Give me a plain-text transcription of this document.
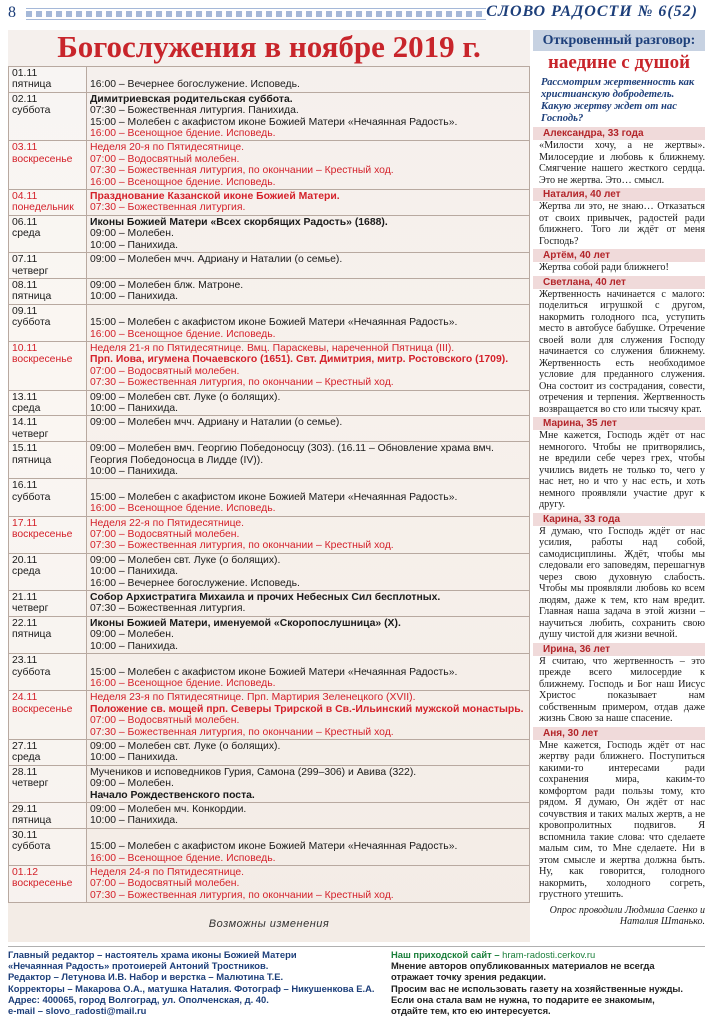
8	СЛОВО РАДОСТИ № 6(52)
Богослужения в ноябре 2019 г.
01.11
пятница	16:00 – Вечернее богослужение. Исповедь.

02.11
суббота	Димитриевская родительская суббота.
07:30 – Божественная литургия. Панихида.
15:00 – Молебен с акафистом иконе Божией Матери «Нечаянная Радость».
16:00 – Всенощное бдение. Исповедь.

03.11
воскресенье	Неделя 20-я по Пятидесятнице.
07:00 – Водосвятный молебен.
07:30 – Божественная литургия, по окончании – Крестный ход.
16:00 – Всенощное бдение. Исповедь.

04.11
понедельник	Празднование Казанской иконе Божией Матери.
07:30 – Божественная литургия.

06.11
среда	Иконы Божией Матери «Всех скорбящих Радость» (1688).
09:00 – Молебен.
10:00 – Панихида.

07.11
четверг	09:00 – Молебен мчч. Адриану и Наталии (о семье).

08.11
пятница	09:00 – Молебен блж. Матроне.
10:00 – Панихида.

09.11
суббота	15:00 – Молебен с акафистом иконе Божией Матери «Нечаянная Радость».
16:00 – Всенощное бдение. Исповедь.

10.11
воскресенье	Неделя 21-я по Пятидесятнице. Вмц. Параскевы, нареченной Пятница (III).
Прп. Иова, игумена Почаевского (1651). Свт. Димитрия, митр. Ростовского (1709).
07:00 – Водосвятный молебен.
07:30 – Божественная литургия, по окончании – Крестный ход.

13.11
среда	09:00 – Молебен свт. Луке (о болящих).
10:00 – Панихида.

14.11
четверг	09:00 – Молебен мчч. Адриану и Наталии (о семье).

15.11
пятница	09:00 – Молебен вмч. Георгию Победоносцу (303). (16.11 – Обновление храма вмч. Георгия Победоносца в Лидде (IV)).
10:00 – Панихида.

16.11
суббота	15:00 – Молебен с акафистом иконе Божией Матери «Нечаянная Радость».
16:00 – Всенощное бдение. Исповедь.

17.11
воскресенье	Неделя 22-я по Пятидесятнице.
07:00 – Водосвятный молебен.
07:30 – Божественная литургия, по окончании – Крестный ход.

20.11
среда	09:00 – Молебен свт. Луке (о болящих).
10:00 – Панихида.
16:00 – Вечернее богослужение. Исповедь.

21.11
четверг	Собор Архистратига Михаила и прочих Небесных Сил бесплотных.
07:30 – Божественная литургия.

22.11
пятница	Иконы Божией Матери, именуемой «Скоропослушница» (X).
09:00 – Молебен.
10:00 – Панихида.

23.11
суббота	15:00 – Молебен с акафистом иконе Божией Матери «Нечаянная Радость».
16:00 – Всенощное бдение. Исповедь.

24.11
воскресенье	Неделя 23-я по Пятидесятнице. Прп. Мартирия Зеленецкого (XVII).
Положение св. мощей прп. Северы Трирской в Св.-Ильинский мужской монастырь.
07:00 – Водосвятный молебен.
07:30 – Божественная литургия, по окончании – Крестный ход.

27.11
среда	09:00 – Молебен свт. Луке (о болящих).
10:00 – Панихида.

28.11
четверг	Мучеников и исповедников Гурия, Самона (299–306) и Авива (322).
09:00 – Молебен.
Начало Рождественского поста.

29.11
пятница	09:00 – Молебен мч. Конкордии.
10:00 – Панихида.

30.11
суббота	15:00 – Молебен с акафистом иконе Божией Матери «Нечаянная Радость».
16:00 – Всенощное бдение. Исповедь.

01.12
воскресенье	Неделя 24-я по Пятидесятнице.
07:00 – Водосвятный молебен.
07:30 – Божественная литургия, по окончании – Крестный ход.
Возможны изменения
Откровенный разговор:
наедине с душой
Рассмотрим жертвенность как христианскую добродетель. Какую жертву ждет от нас Господь?
Александра, 33 года
«Милости хочу, а не жертвы». Милосердие и любовь к ближнему. Смягчение нашего жесткого сердца. Это не жертва. Это… смысл.
Наталия, 40 лет
Жертва ли это, не знаю… Отказаться от своих привычек, радостей ради ближнего. Того ли ждёт от меня Господь?
Артём, 40 лет
Жертва собой ради ближнего!
Светлана, 40 лет
Жертвенность начинается с малого: поделиться игрушкой с другом, накормить голодного пса, уступить место в автобусе бабушке. Отречение своей воли для служения Господу начинается со служения ближнему. Жертвенность есть необходимое условие для преданного служения. Она состоит из сострадания, совести, отречения и терпения. Жертвенность возвращается во сто или тысячу крат.
Марина, 35 лет
Мне кажется, Господь ждёт от нас немногого. Чтобы не притворялись, не вредили себе через грех, чтобы учились видеть не только то, чего у нас нет, но и что у нас есть, и хоть немного проявляли участие друг к другу.
Карина, 33 года
Я думаю, что Господь ждёт от нас усилия, работы над собой, самодисциплины. Ждёт, чтобы мы следовали его заповедям, перешагнув через свою духовную слабость. Чтобы мы проявляли любовь ко всем людям, даже к тем, кто нам вредит. Главная наша задача в этой жизни – научиться любить, сохранить свою душу чистой для жизни вечной.
Ирина, 36 лет
Я считаю, что жертвенность – это прежде всего милосердие к ближнему. Господь и Бог наш Иисус Христос показывает нам собственным примером, отдав даже жизнь Свою за наше спасение.
Аня, 30 лет
Мне кажется, Господь ждёт от нас жертву ради ближнего. Поступиться какими-то интересами ради сохранения мира, каким-то комфортом ради пользы тому, кто рядом. Я думаю, Он ждёт от нас сочувствия и таких малых жертв, а не кровопролитных подвигов. Я вспомнила такие слова: что сделаете малым сим, то Мне сделаете. Ни в этом смысле и жертва должна быть. Ну, как говорится, голодного накормить, холодного согреть, грустного утешить.
Опрос проводили Людмила Саенко и Наталия Штанько.
Главный редактор – настоятель храма иконы Божией Матери
«Нечаянная Радость» протоиерей Антоний Тростников.
Редактор – Летунова И.В. Набор и верстка – Малютина Т.Е.
Корректоры – Макарова О.А., матушка Наталия. Фотограф – Никушенкова Е.А.
Адрес: 400065, город Волгоград, ул. Ополченская, д. 40.
e-mail – slovo_radosti@mail.ru
Наш приходской сайт – hram-radosti.cerkov.ru
Мнение авторов опубликованных материалов не всегда
отражает точку зрения редакции.
Просим вас не использовать газету на хозяйственные нужды.
Если она стала вам не нужна, то подарите ее знакомым,
отдайте тем, кто ею интересуется.
